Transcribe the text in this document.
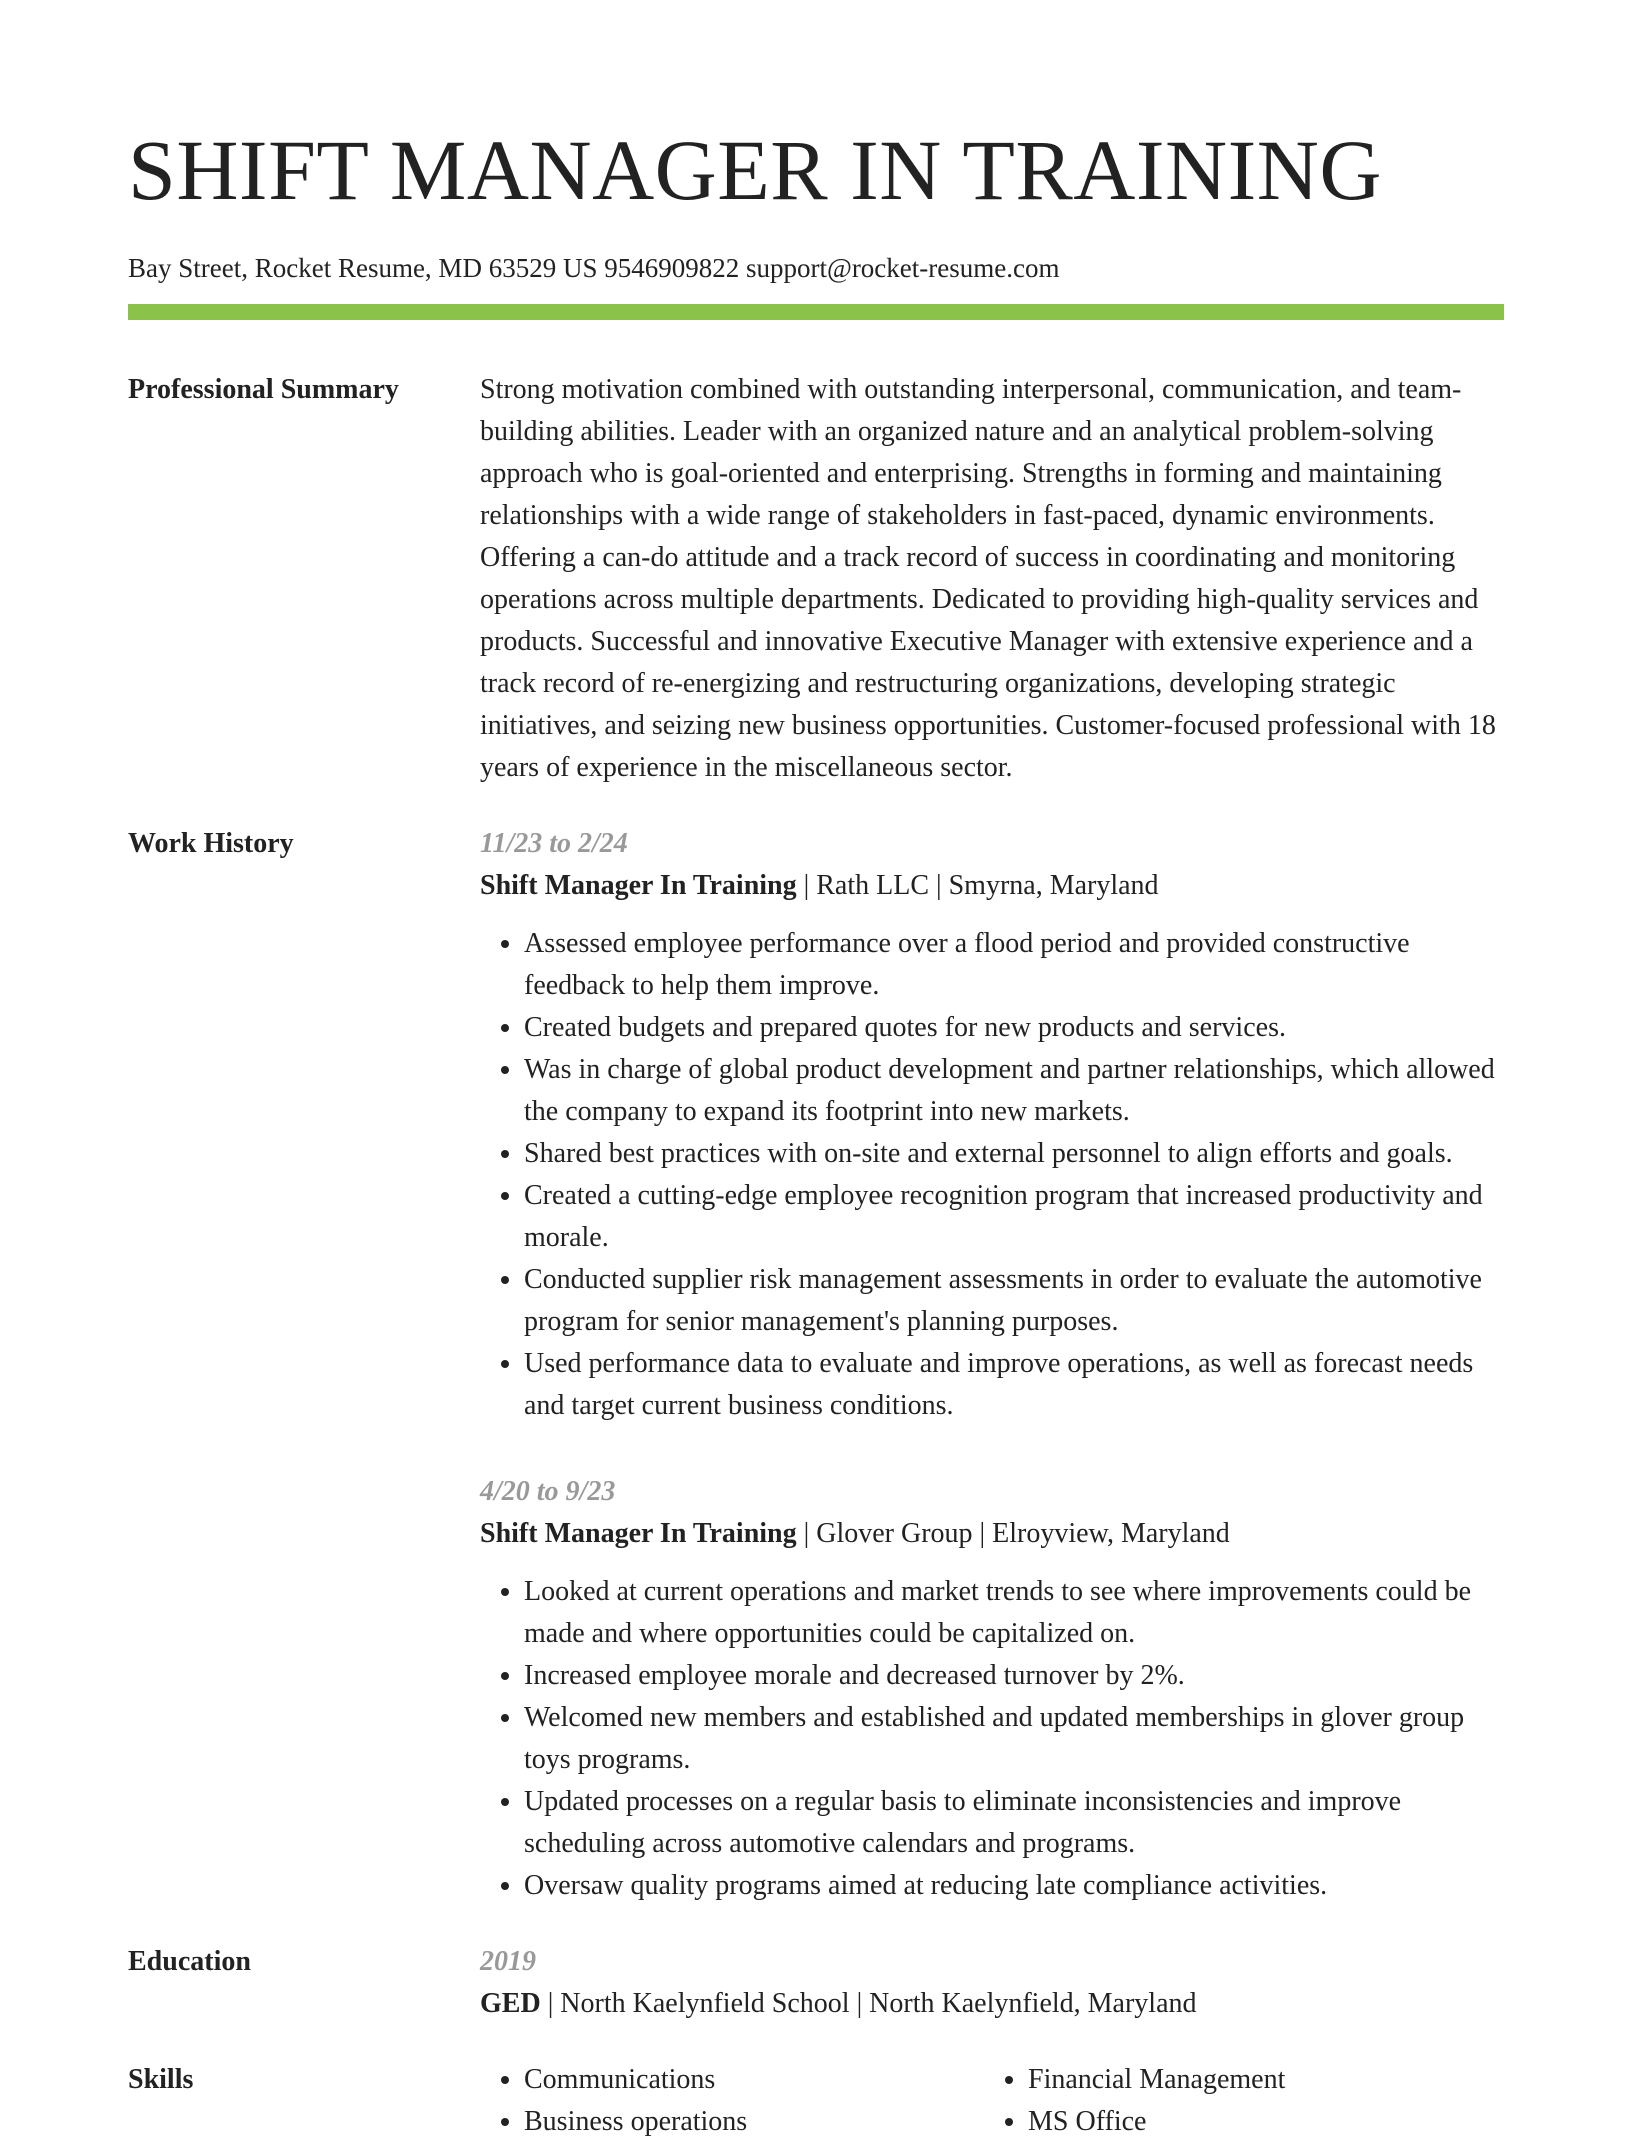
SHIFT MANAGER IN TRAINING
Bay Street, Rocket Resume, MD 63529 US 9546909822 support@rocket-resume.com
Professional Summary	Strong motivation combined with outstanding interpersonal, communication, and team-building abilities. Leader with an organized nature and an analytical problem-solving approach who is goal-oriented and enterprising. Strengths in forming and maintaining relationships with a wide range of stakeholders in fast-paced, dynamic environments. Offering a can-do attitude and a track record of success in coordinating and monitoring operations across multiple departments. Dedicated to providing high-quality services and products. Successful and innovative Executive Manager with extensive experience and a track record of re-energizing and restructuring organizations, developing strategic initiatives, and seizing new business opportunities. Customer-focused professional with 18 years of experience in the miscellaneous sector.

Work History	11/23 to 2/24
Shift Manager In Training | Rath LLC | Smyrna, Maryland
• Assessed employee performance over a flood period and provided constructive feedback to help them improve.
• Created budgets and prepared quotes for new products and services.
• Was in charge of global product development and partner relationships, which allowed the company to expand its footprint into new markets.
• Shared best practices with on-site and external personnel to align efforts and goals.
• Created a cutting-edge employee recognition program that increased productivity and morale.
• Conducted supplier risk management assessments in order to evaluate the automotive program for senior management's planning purposes.
• Used performance data to evaluate and improve operations, as well as forecast needs and target current business conditions.
4/20 to 9/23
Shift Manager In Training | Glover Group | Elroyview, Maryland
• Looked at current operations and market trends to see where improvements could be made and where opportunities could be capitalized on.
• Increased employee morale and decreased turnover by 2%.
• Welcomed new members and established and updated memberships in glover group toys programs.
• Updated processes on a regular basis to eliminate inconsistencies and improve scheduling across automotive calendars and programs.
• Oversaw quality programs aimed at reducing late compliance activities.
Education	2019
GED | North Kaelynfield School | North Kaelynfield, Maryland
Skills
•	Communications
• Business operations
• Financial Management
• MS Office
